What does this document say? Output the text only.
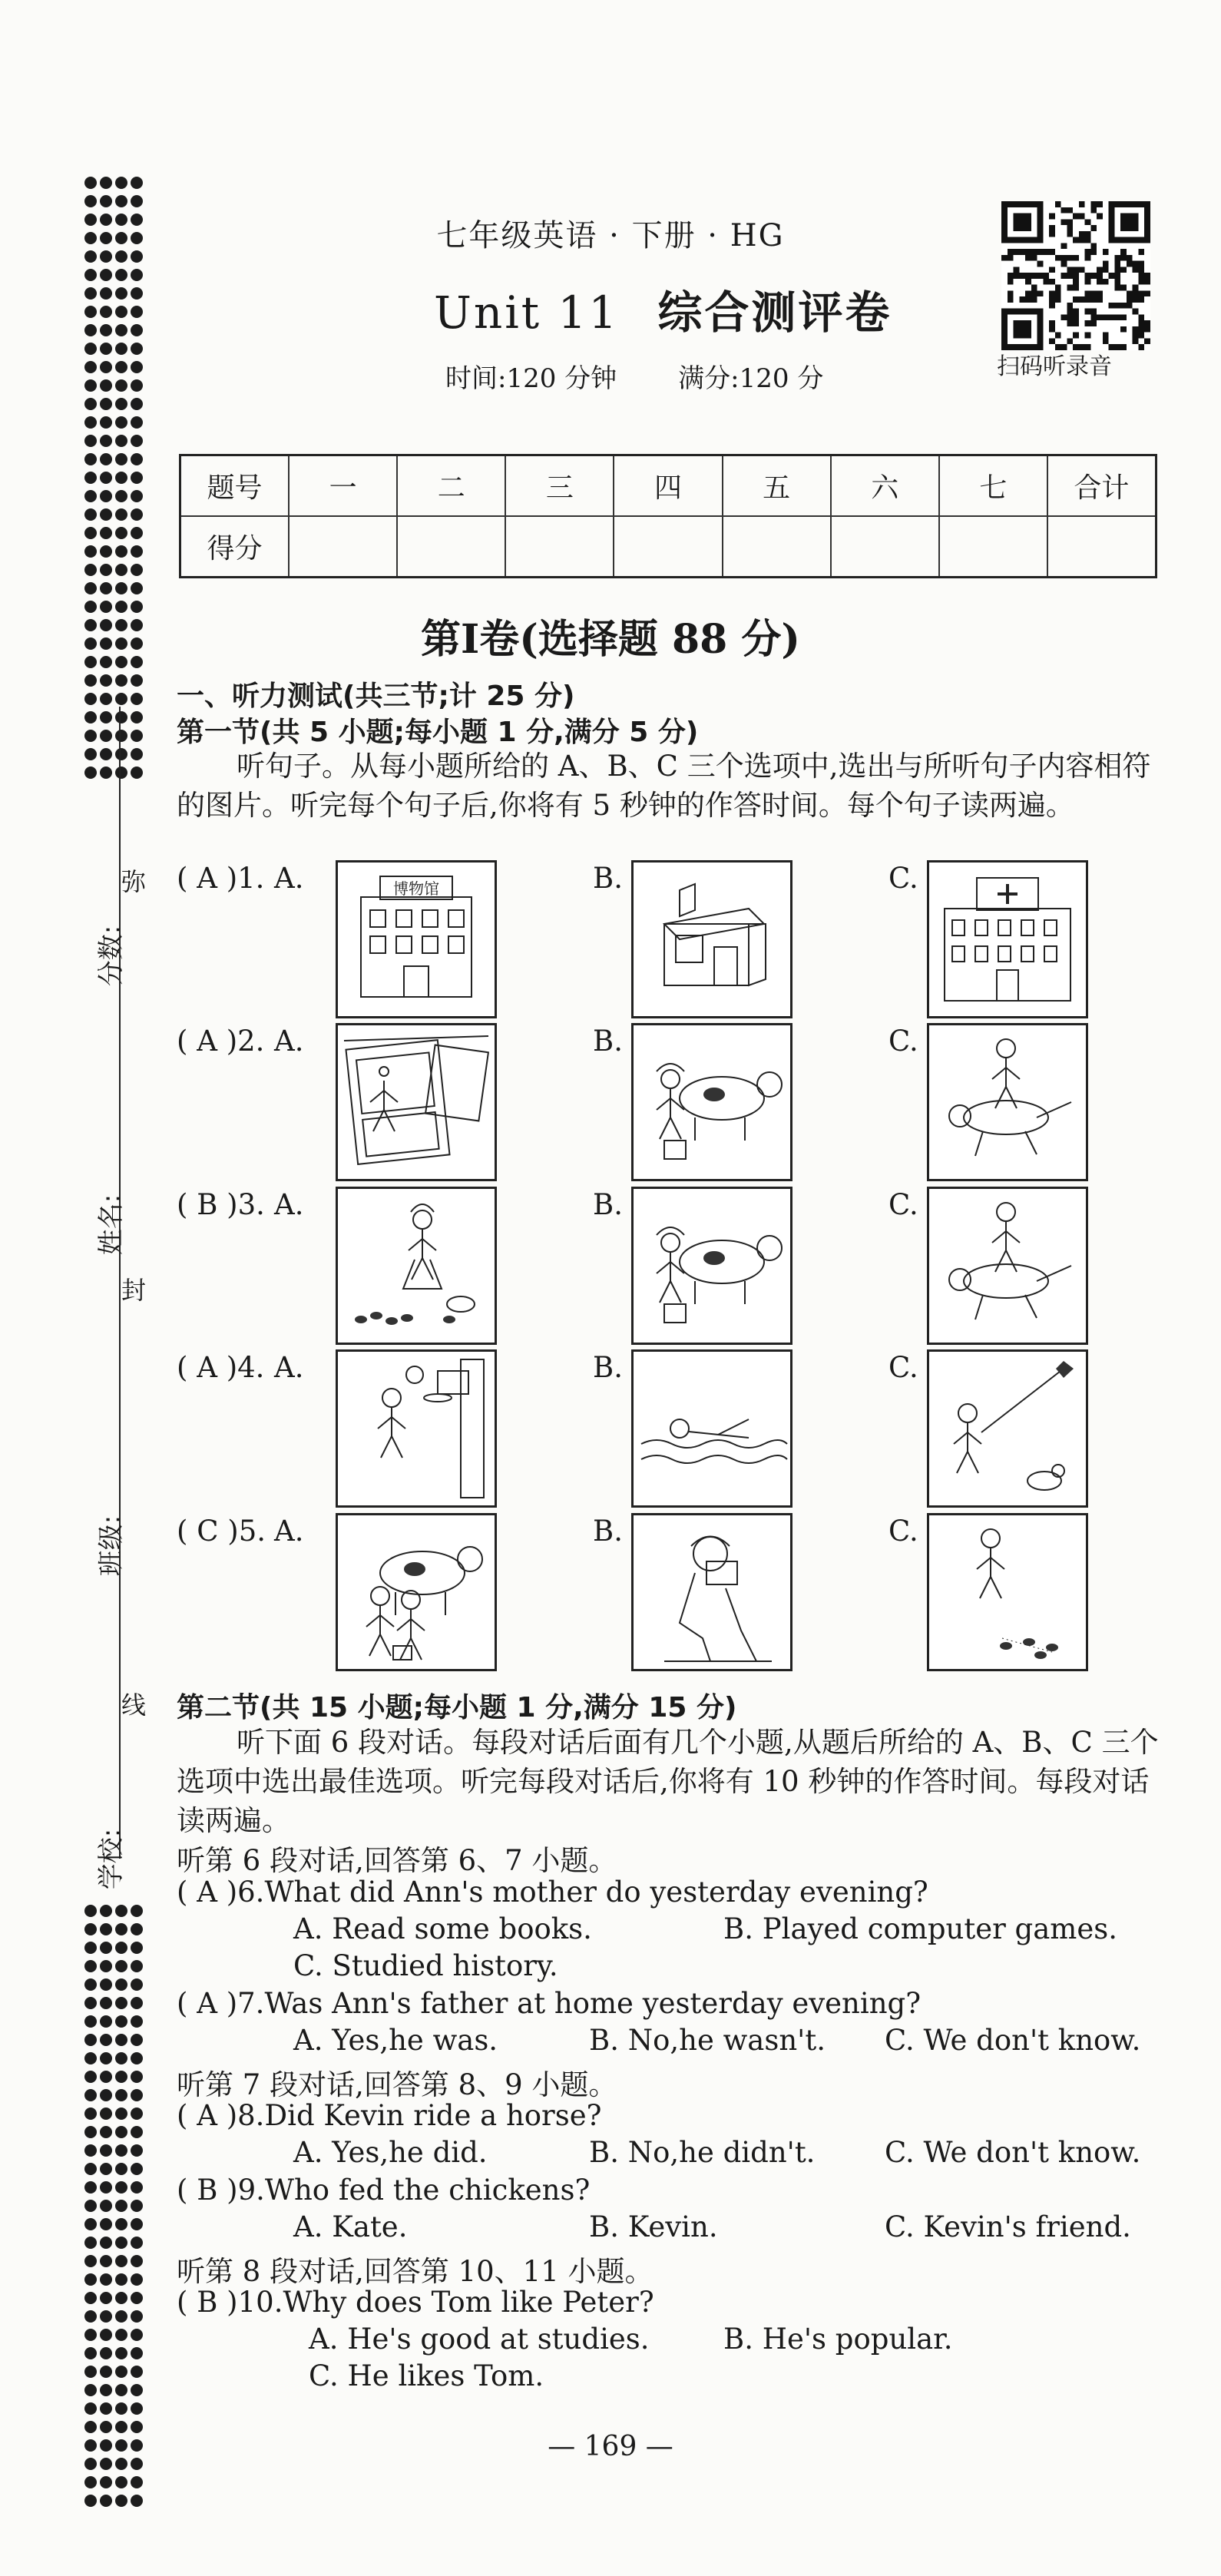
弥
封
线
分数:
姓名:
班级:
学校:
七年级英语 · 下册 · HG
Unit 11 综合测评卷
时间:120 分钟 满分:120 分	扫码听录音
题号	一	二	三	四	五	六	七	合计
得分								
第Ⅰ卷(选择题 88 分)
一、听力测试(共三节;计 25 分)
第一节(共 5 小题;每小题 1 分,满分 5 分)
听句子。从每小题所给的 A、B、C 三个选项中,选出与所听句子内容相符的图片。听完每个句子后,你将有 5 秒钟的作答时间。每个句子读两遍。
( A )1. A.	博物馆	B.	C.
( A )2. A.	B.	C.
( B )3. A.	B.	C.
( A )4. A.	B.	C.
( C )5. A.	B.	C.
第二节(共 15 小题;每小题 1 分,满分 15 分)
听下面 6 段对话。每段对话后面有几个小题,从题后所给的 A、B、C 三个选项中选出最佳选项。听完每段对话后,你将有 10 秒钟的作答时间。每段对话读两遍。
听第 6 段对话,回答第 6、7 小题。
( A )6.What did Ann's mother do yesterday evening?
A. Read some books.	B. Played computer games.
C. Studied history.
( A )7.Was Ann's father at home yesterday evening?
A. Yes,he was.	B. No,he wasn't. C. We don't know.
听第 7 段对话,回答第 8、9 小题。
( A )8.Did Kevin ride a horse?
A. Yes,he did.	B. No,he didn't. C. We don't know.
( B )9.Who fed the chickens?
A. Kate.	B. Kevin.	C. Kevin's friend.
听第 8 段对话,回答第 10、11 小题。
( B )10.Why does Tom like Peter?
A. He's good at studies.	B. He's popular.
C. He likes Tom.
— 169 —
